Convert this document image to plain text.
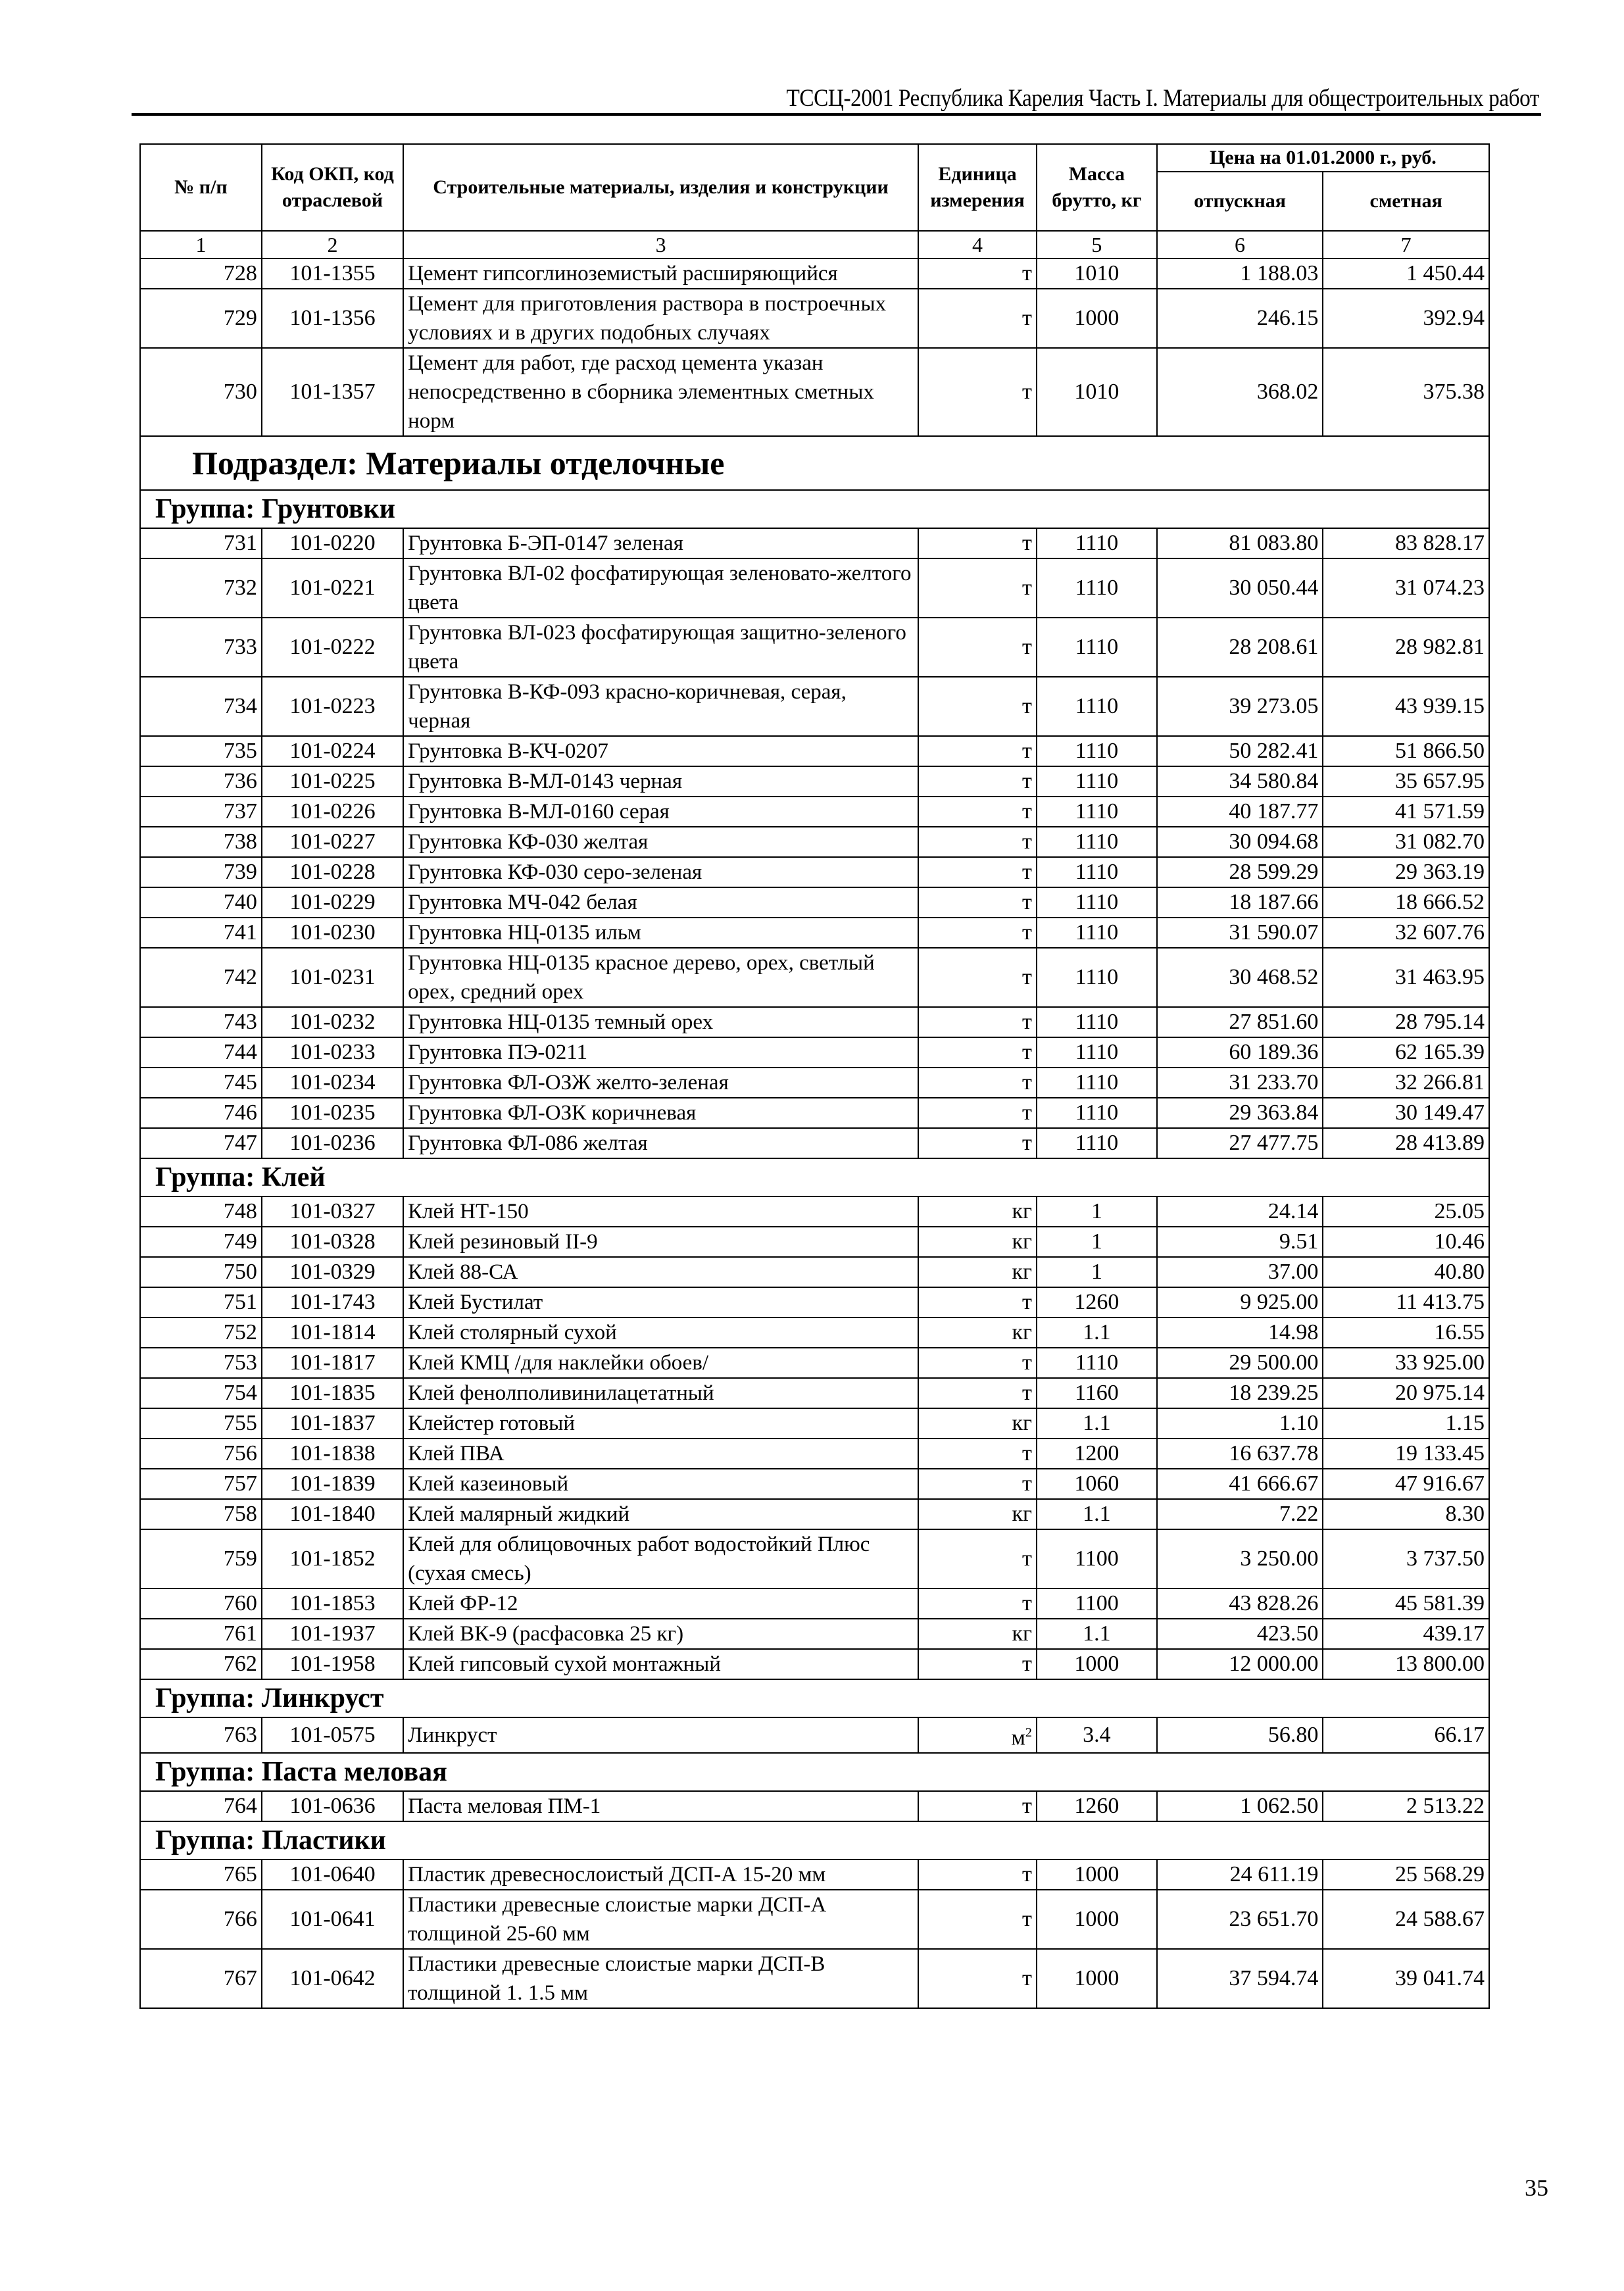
ТССЦ-2001 Республика Карелия Часть I. Материалы для общестроительных работ
№ п/п	Код ОКП, код отраслевой	Строительные материалы, изделия и конструкции	Единица измерения	Масса брутто, кг	Цена на 01.01.2000 г., руб.	
					отпускная	сметная
1	2	3	4	5	6	7
728	101-1355	Цемент гипсоглиноземистый расширяющийся	т	1010	1 188.03	1 450.44
729	101-1356	Цемент для приготовления раствора в построечных условиях и в других подобных случаях	т	1000	246.15	392.94
730	101-1357	Цемент для работ, где расход цемента указан непосредственно в сборника элементных сметных норм	т	1010	368.02	375.38
Подраздел: Материалы отделочные						
Группа: Грунтовки						
731	101-0220	Грунтовка Б-ЭП-0147 зеленая	т	1110	81 083.80	83 828.17
732	101-0221	Грунтовка ВЛ-02 фосфатирующая зеленовато-желтого цвета	т	1110	30 050.44	31 074.23
733	101-0222	Грунтовка ВЛ-023 фосфатирующая защитно-зеленого цвета	т	1110	28 208.61	28 982.81
734	101-0223	Грунтовка В-КФ-093 красно-коричневая, серая, черная	т	1110	39 273.05	43 939.15
735	101-0224	Грунтовка В-КЧ-0207	т	1110	50 282.41	51 866.50
736	101-0225	Грунтовка В-МЛ-0143 черная	т	1110	34 580.84	35 657.95
737	101-0226	Грунтовка В-МЛ-0160 серая	т	1110	40 187.77	41 571.59
738	101-0227	Грунтовка КФ-030 желтая	т	1110	30 094.68	31 082.70
739	101-0228	Грунтовка КФ-030 серо-зеленая	т	1110	28 599.29	29 363.19
740	101-0229	Грунтовка МЧ-042 белая	т	1110	18 187.66	18 666.52
741	101-0230	Грунтовка НЦ-0135 ильм	т	1110	31 590.07	32 607.76
742	101-0231	Грунтовка НЦ-0135 красное дерево, орех, светлый орех, средний орех	т	1110	30 468.52	31 463.95
743	101-0232	Грунтовка НЦ-0135 темный орех	т	1110	27 851.60	28 795.14
744	101-0233	Грунтовка ПЭ-0211	т	1110	60 189.36	62 165.39
745	101-0234	Грунтовка ФЛ-ОЗЖ желто-зеленая	т	1110	31 233.70	32 266.81
746	101-0235	Грунтовка ФЛ-ОЗК коричневая	т	1110	29 363.84	30 149.47
747	101-0236	Грунтовка ФЛ-086 желтая	т	1110	27 477.75	28 413.89
Группа: Клей						
748	101-0327	Клей НТ-150	кг	1	24.14	25.05
749	101-0328	Клей резиновый II-9	кг	1	9.51	10.46
750	101-0329	Клей 88-СА	кг	1	37.00	40.80
751	101-1743	Клей Бустилат	т	1260	9 925.00	11 413.75
752	101-1814	Клей столярный сухой	кг	1.1	14.98	16.55
753	101-1817	Клей КМЦ /для наклейки обоев/	т	1110	29 500.00	33 925.00
754	101-1835	Клей фенолполивинилацетатный	т	1160	18 239.25	20 975.14
755	101-1837	Клейстер готовый	кг	1.1	1.10	1.15
756	101-1838	Клей ПВА	т	1200	16 637.78	19 133.45
757	101-1839	Клей казеиновый	т	1060	41 666.67	47 916.67
758	101-1840	Клей малярный жидкий	кг	1.1	7.22	8.30
759	101-1852	Клей для облицовочных работ водостойкий Плюс (сухая смесь)	т	1100	3 250.00	3 737.50
760	101-1853	Клей ФР-12	т	1100	43 828.26	45 581.39
761	101-1937	Клей ВК-9 (расфасовка 25 кг)	кг	1.1	423.50	439.17
762	101-1958	Клей гипсовый сухой монтажный	т	1000	12 000.00	13 800.00
Группа: Линкруст						
763	101-0575	Линкруст	$м^2$	3.4	56.80	66.17
Группа: Паста меловая						
764	101-0636	Паста меловая ПМ-1	т	1260	1 062.50	2 513.22
Группа: Пластики						
765	101-0640	Пластик древеснослоистый ДСП-А 15-20 мм	т	1000	24 611.19	25 568.29
766	101-0641	Пластики древесные слоистые марки ДСП-А толщиной 25-60 мм	т	1000	23 651.70	24 588.67
767	101-0642	Пластики древесные слоистые марки ДСП-В толщиной 1. 1.5 мм	т	1000	37 594.74	39 041.74
35
